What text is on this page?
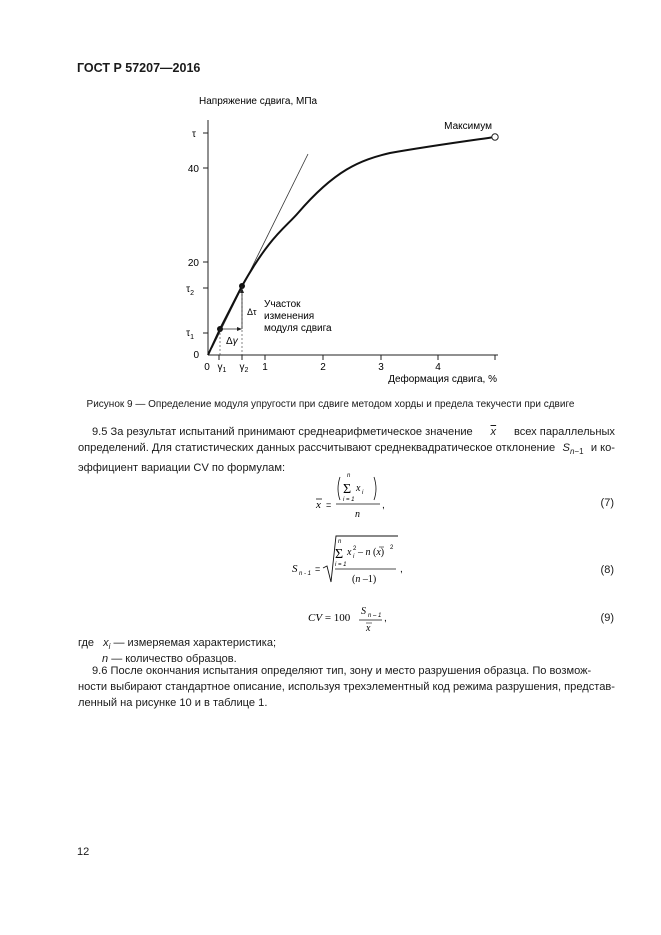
ГОСТ Р 57207—2016
Напряжение сдвига, МПа
τ
40
20
$\tau_2$
$\tau_1$
0
0 $\gamma_1$ $\gamma_2$ 1	2	3	4
Деформация сдвига, %
Максимум
Δγ
Δτ
Участок
изменения
модуля сдвига
Рисунок 9 — Определение модуля упругости при сдвиге методом хорды и предела текучести при сдвиге
9.5 За результат испытаний принимают среднеарифметическое значение $\overline{x}$ всех параллельных
определений. Для статистических данных рассчитывают среднеквадратическое отклонение $S_{n-1}$ и ко-
эффициент вариации CV по формулам:
x =
n
Σ
i = 1
x i
n
,	(7)
S n - 1 =
n
Σ
i = 1
x 2
i – n (x) 2
(n –1)
,	(8)
CV = 100
S n – 1
x
,	(9)
где $x_i$ — измеряемая характеристика;
n — количество образцов.
9.6 После окончания испытания определяют тип, зону и место разрушения образца. По возмож-
ности выбирают стандартное описание, используя трехэлементный код режима разрушения, представ-
ленный на рисунке 10 и в таблице 1.
12
